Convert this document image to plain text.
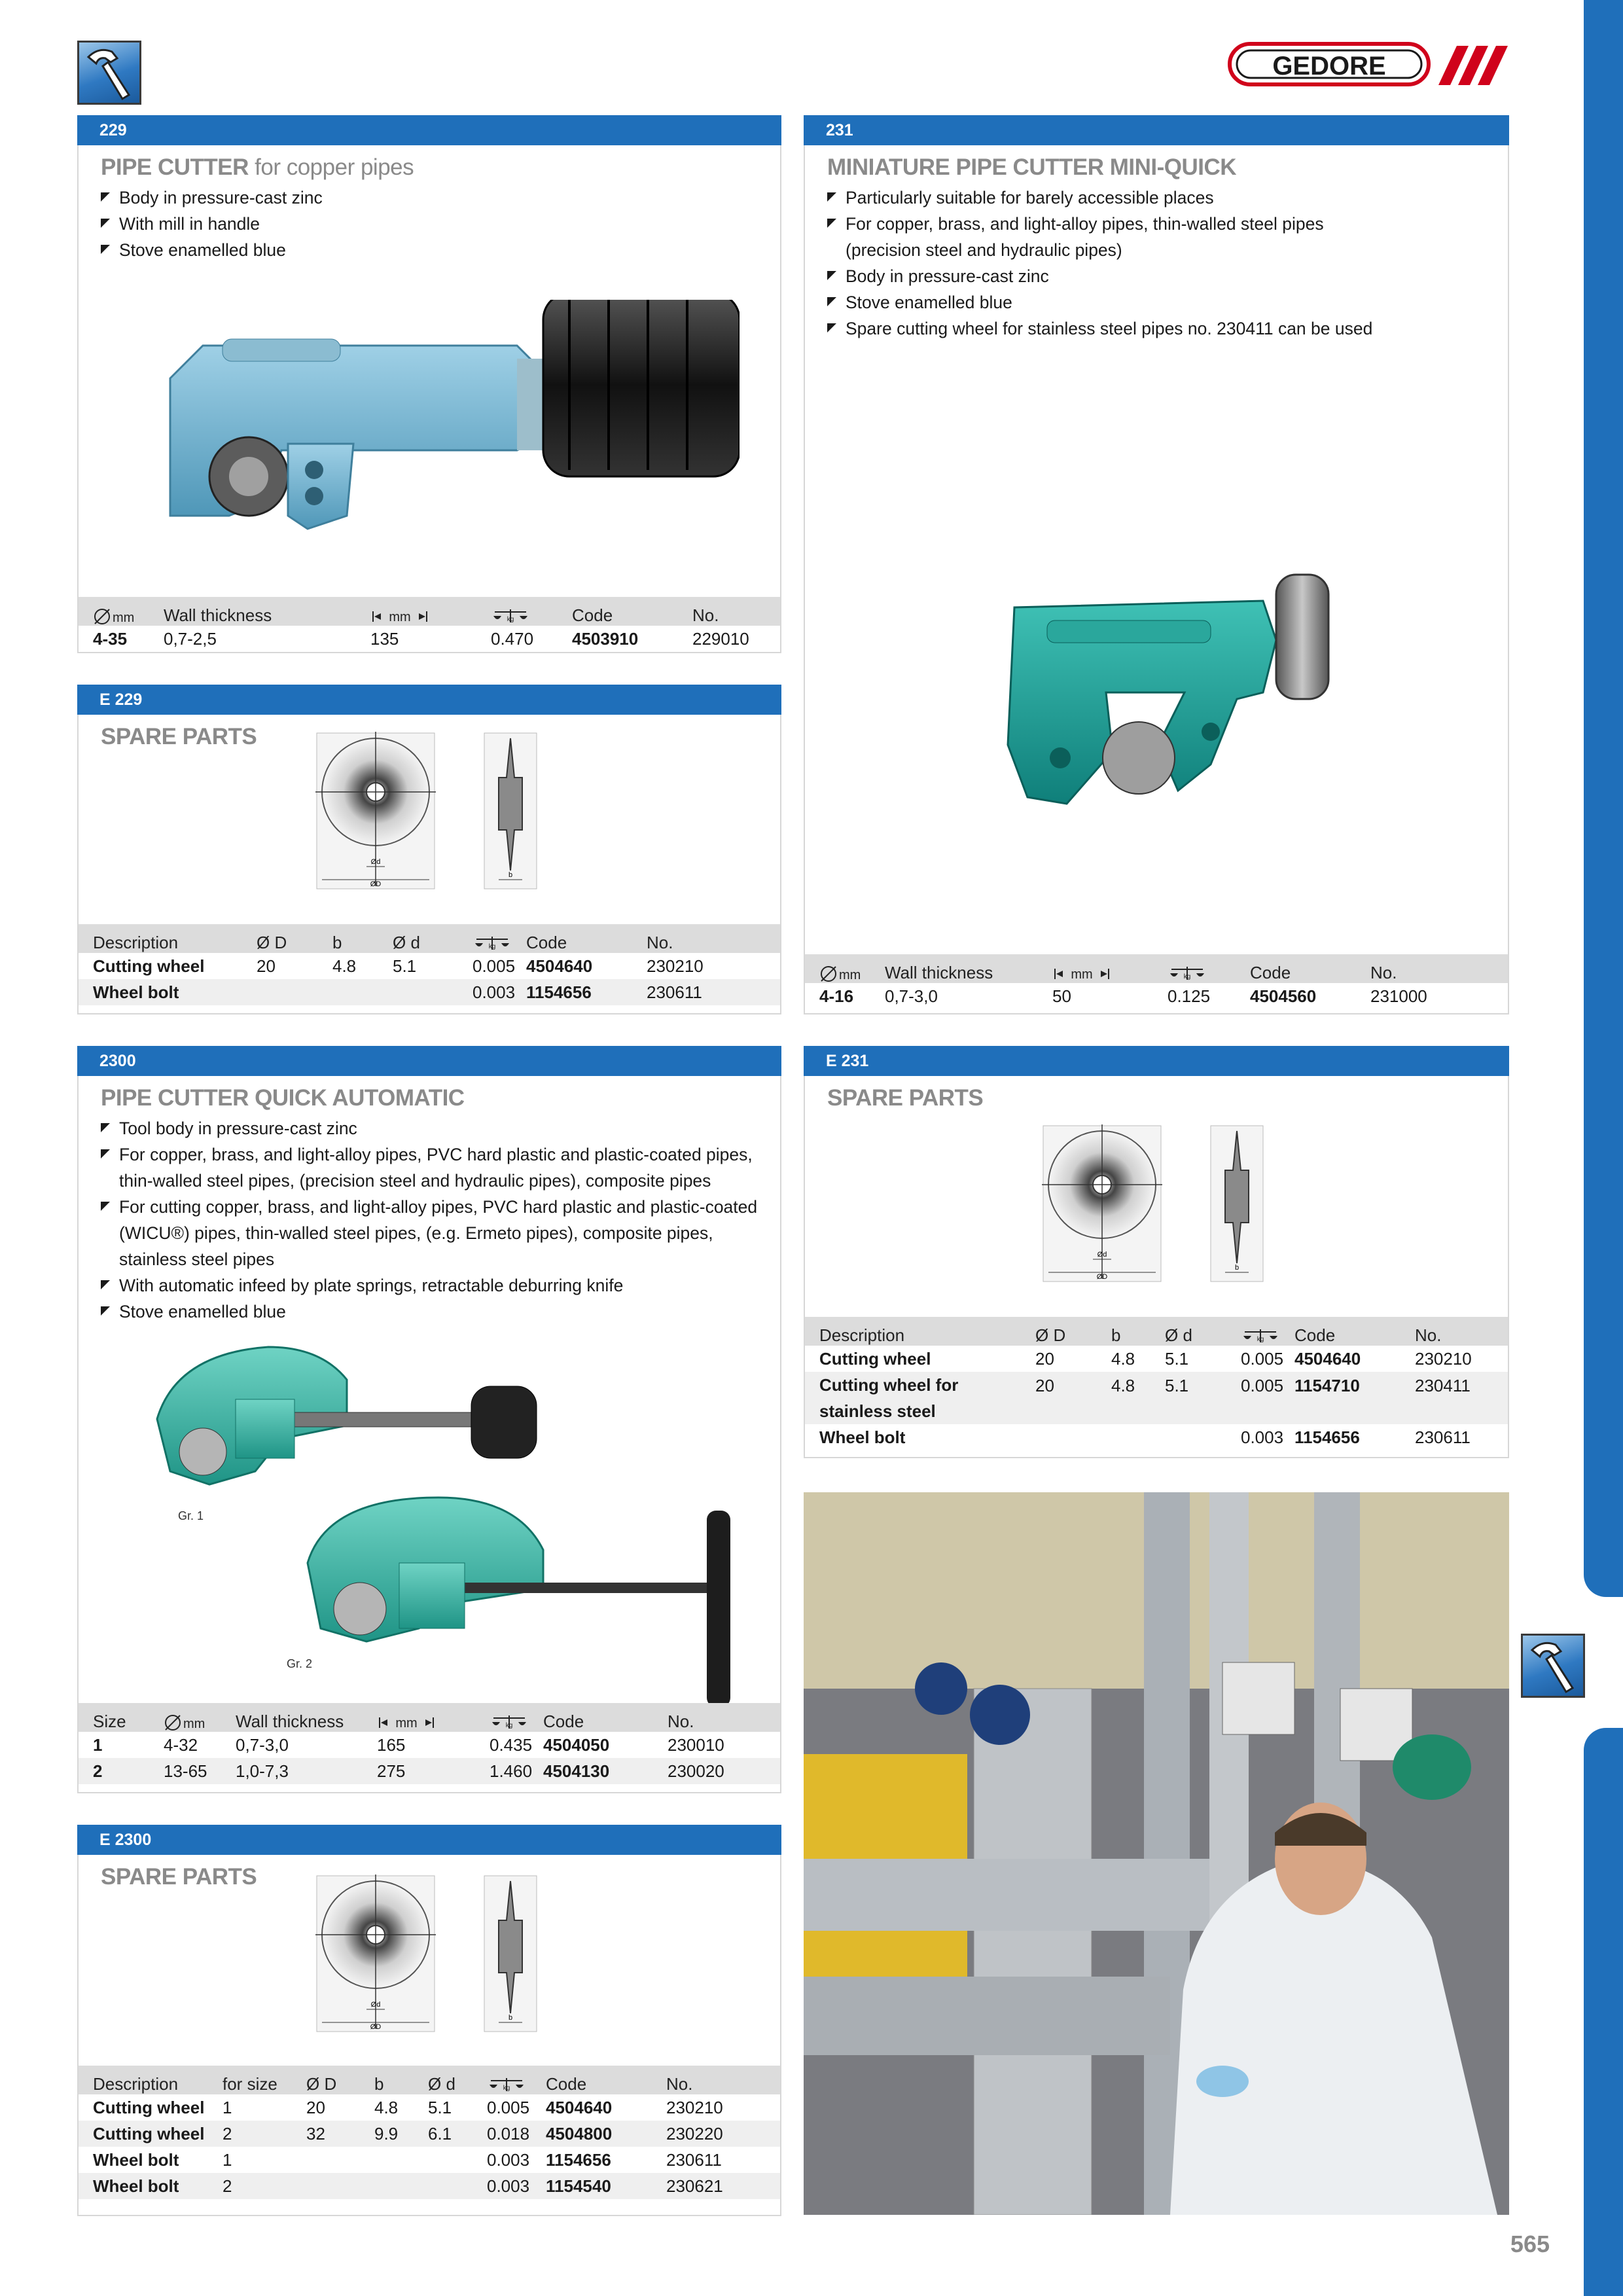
GEDORE
229
PIPE CUTTER for copper pipes
Body in pressure-cast zinc
With mill in handle
Stove enamelled blue
mm	Wall thickness	mm	kg	Code	No.
4-35	0,7-2,5	135	0.470	4503910	229010
231
MINIATURE PIPE CUTTER MINI-QUICK
Particularly suitable for barely accessible places
For copper, brass, and light-alloy pipes, thin-walled steel pipes
(precision steel and hydraulic pipes)
Body in pressure-cast zinc
Stove enamelled blue
Spare cutting wheel for stainless steel pipes no. 230411 can be used
mm	Wall thickness	mm	kg	Code	No.
4-16	0,7-3,0	50	0.125	4504560	231000
E 229
SPARE PARTS
Ød
ØD
b
Description	Ø D	b	Ø d	kg	Code	No.
Cutting wheel	20	4.8	5.1	0.005	4504640	230210
Wheel bolt				0.003	1154656	230611
2300
PIPE CUTTER QUICK AUTOMATIC
Tool body in pressure-cast zinc
For copper, brass, and light-alloy pipes, PVC hard plastic and plastic-coated pipes, thin-walled steel pipes, (precision steel and hydraulic pipes), composite pipes
For cutting copper, brass, and light-alloy pipes, PVC hard plastic and plastic-coated (WICU®) pipes, thin-walled steel pipes, (e.g. Ermeto pipes), composite pipes, stainless steel pipes
With automatic infeed by plate springs, retractable deburring knife
Stove enamelled blue
Gr. 1
Gr. 2
Size	mm	Wall thickness	mm	kg	Code	No.
1	4-32	0,7-3,0	165	0.435	4504050	230010
2	13-65	1,0-7,3	275	1.460	4504130	230020
E 231
SPARE PARTS
Ød
ØD
b
Description	Ø D	b	Ø d	kg	Code	No.
Cutting wheel	20	4.8	5.1	0.005	4504640	230210
Cutting wheel for stainless steel	20	4.8	5.1	0.005	1154710	230411
Wheel bolt				0.003	1154656	230611
565
E 2300
SPARE PARTS
Ød
ØD
b
Description	for size	Ø D	b	Ø d	kg	Code	No.
Cutting wheel	1	20	4.8	5.1	0.005	4504640	230210
Cutting wheel	2	32	9.9	6.1	0.018	4504800	230220
Wheel bolt	1				0.003	1154656	230611
Wheel bolt	2				0.003	1154540	230621
